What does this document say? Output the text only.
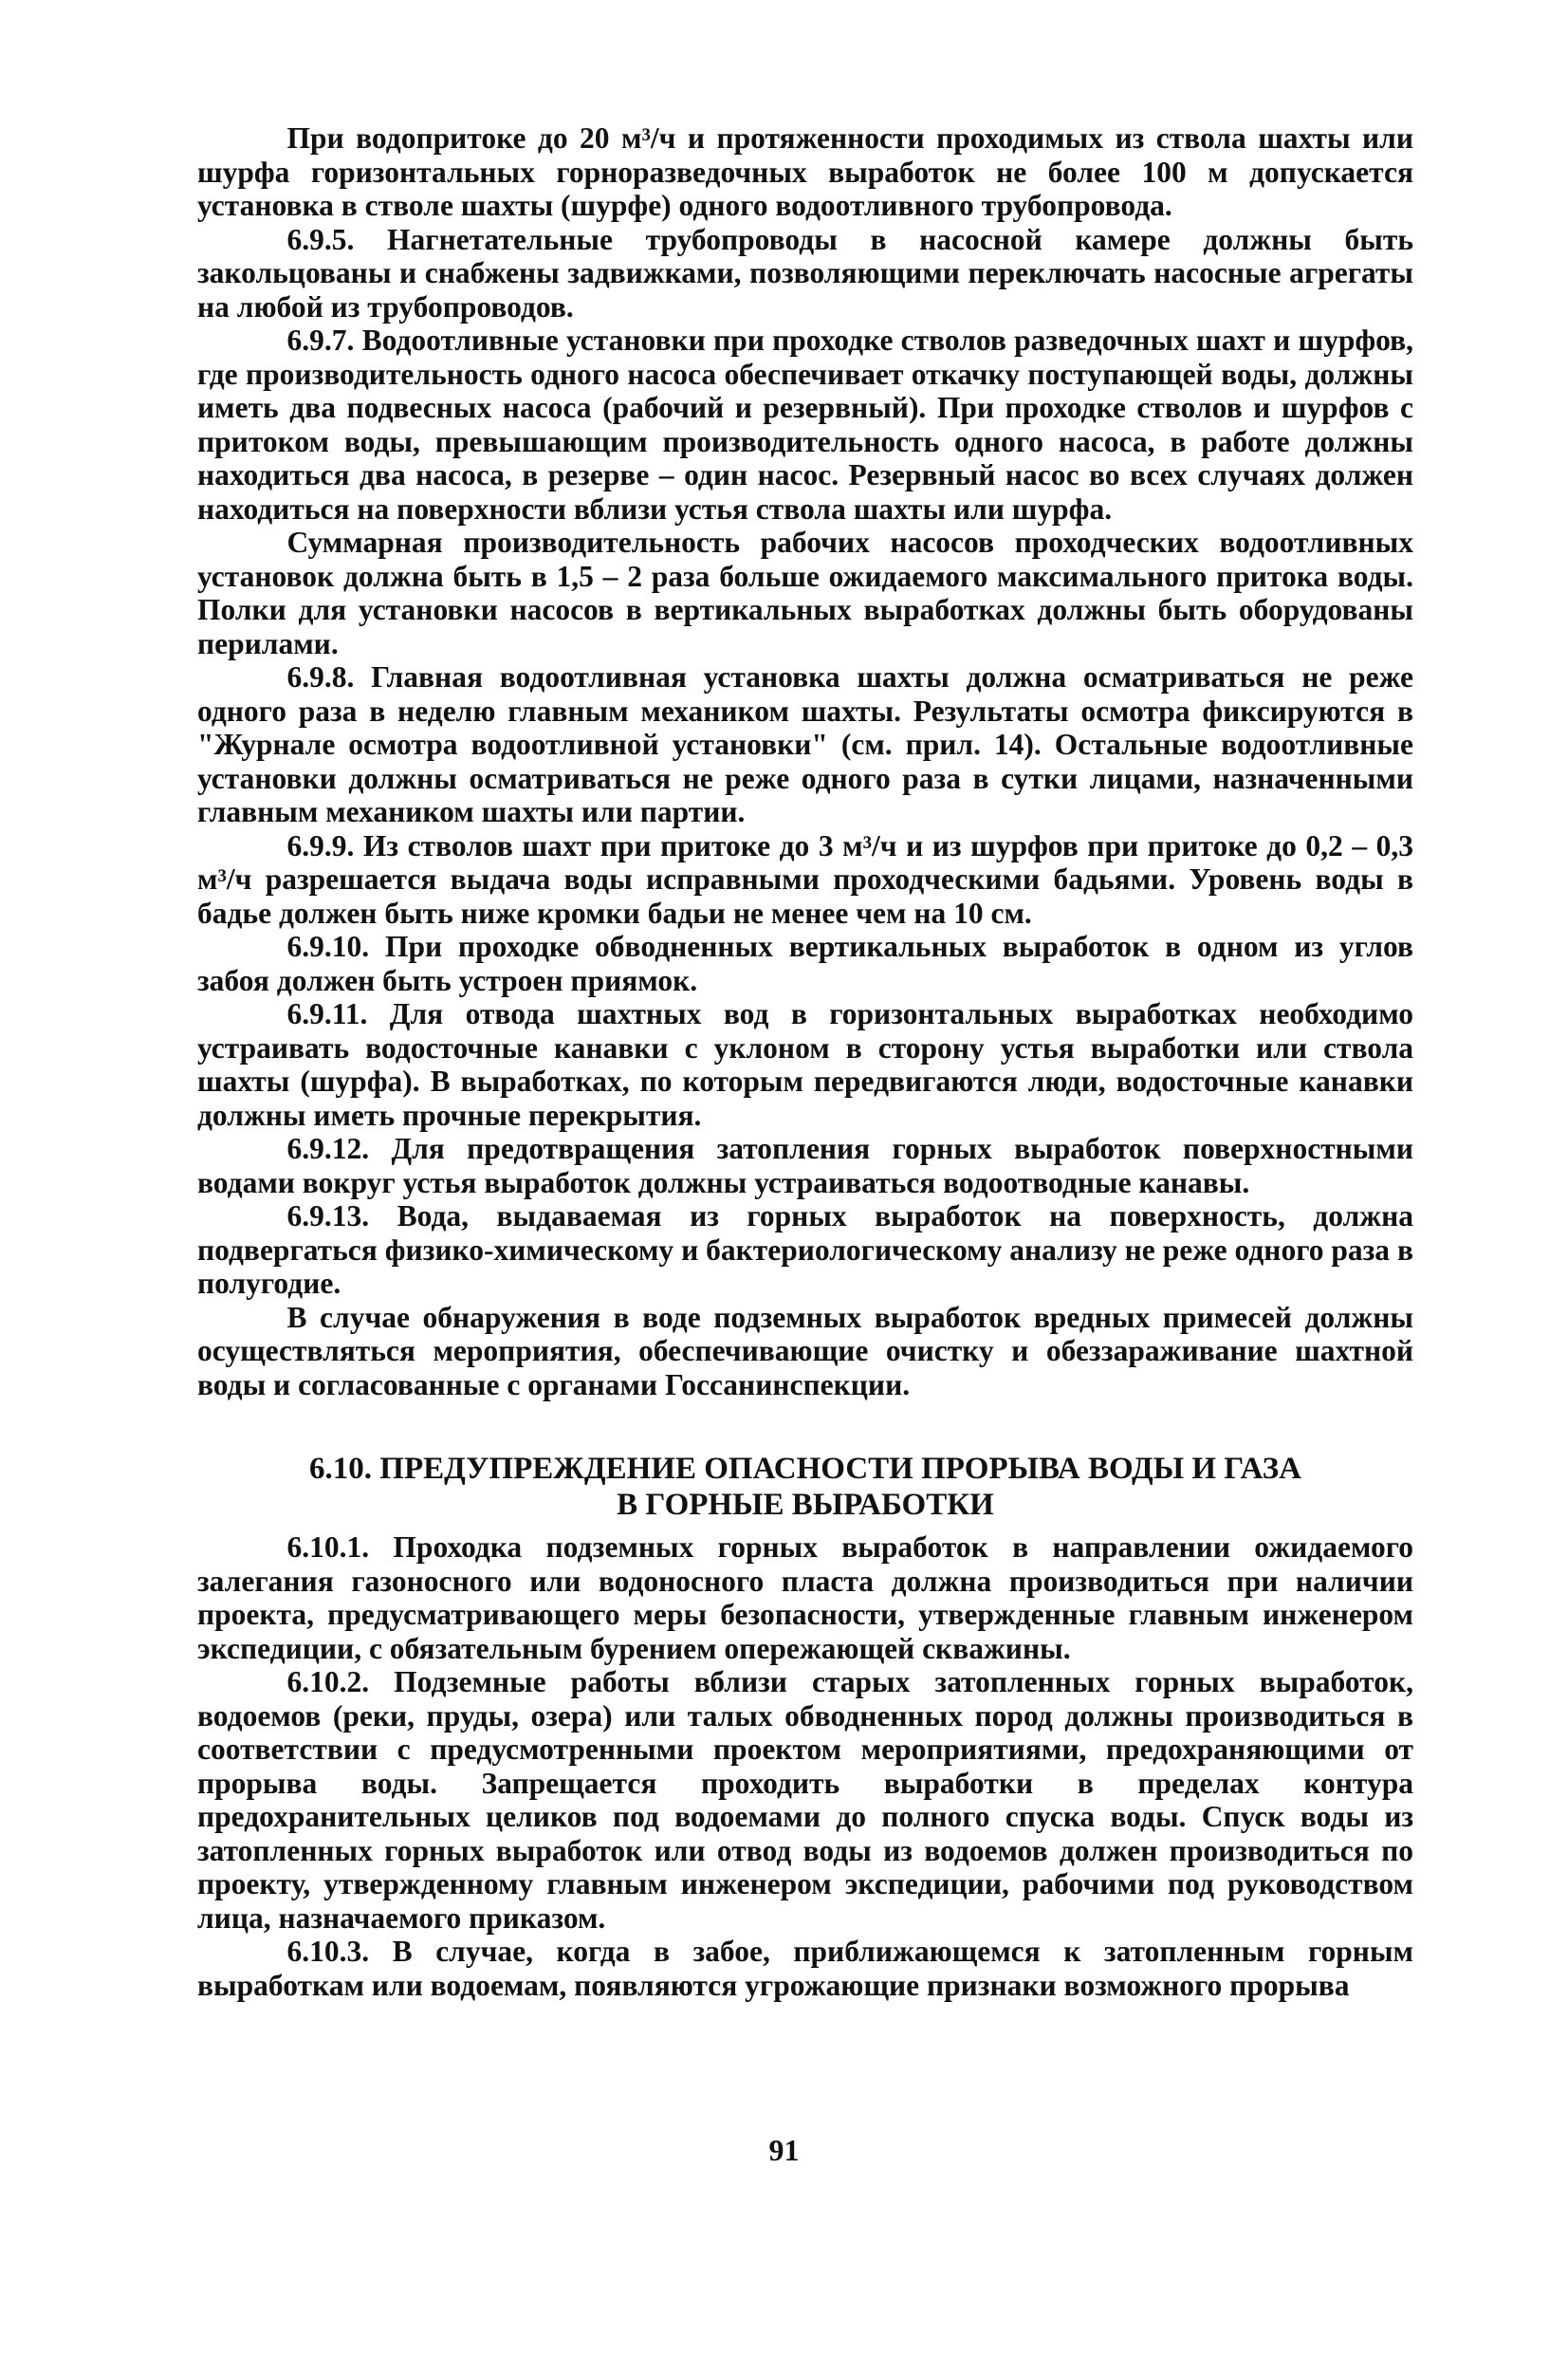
При водопритоке до 20 м³/ч и протяженности проходимых из ствола шахты или шурфа горизонтальных горноразведочных выработок не более 100 м допускается установка в стволе шахты (шурфе) одного водоотливного трубопровода.

6.9.5. Нагнетательные трубопроводы в насосной камере должны быть закольцованы и снабжены задвижками, позволяющими переключать насосные агрегаты на любой из трубопроводов.

6.9.7. Водоотливные установки при проходке стволов разведочных шахт и шурфов, где производительность одного насоса обеспечивает откачку поступающей воды, должны иметь два подвесных насоса (рабочий и резервный). При проходке стволов и шурфов с притоком воды, превышающим производительность одного насоса, в работе должны находиться два насоса, в резерве – один насос. Резервный насос во всех случаях должен находиться на поверхности вблизи устья ствола шахты или шурфа.

Суммарная производительность рабочих насосов проходческих водоотливных установок должна быть в 1,5 – 2 раза больше ожидаемого максимального притока воды. Полки для установки насосов в вертикальных выработках должны быть оборудованы перилами.

6.9.8. Главная водоотливная установка шахты должна осматриваться не реже одного раза в неделю главным механиком шахты. Результаты осмотра фиксируются в "Журнале осмотра водоотливной установки" (см. прил. 14). Остальные водоотливные установки должны осматриваться не реже одного раза в сутки лицами, назначенными главным механиком шахты или партии.

6.9.9. Из стволов шахт при притоке до 3 м³/ч и из шурфов при притоке до 0,2 – 0,3 м³/ч разрешается выдача воды исправными проходческими бадьями. Уровень воды в бадье должен быть ниже кромки бадьи не менее чем на 10 см.

6.9.10. При проходке обводненных вертикальных выработок в одном из углов забоя должен быть устроен приямок.

6.9.11. Для отвода шахтных вод в горизонтальных выработках необходимо устраивать водосточные канавки с уклоном в сторону устья выработки или ствола шахты (шурфа). В выработках, по которым передвигаются люди, водосточные канавки должны иметь прочные перекрытия.

6.9.12. Для предотвращения затопления горных выработок поверхностными водами вокруг устья выработок должны устраиваться водоотводные канавы.

6.9.13. Вода, выдаваемая из горных выработок на поверхность, должна подвергаться физико-химическому и бактериологическому анализу не реже одного раза в полугодие.

В случае обнаружения в воде подземных выработок вредных примесей должны осуществляться мероприятия, обеспечивающие очистку и обеззараживание шахтной воды и согласованные с органами Госсанинспекции.

6.10. ПРЕДУПРЕЖДЕНИЕ ОПАСНОСТИ ПРОРЫВА ВОДЫ И ГАЗА
В ГОРНЫЕ ВЫРАБОТКИ

6.10.1. Проходка подземных горных выработок в направлении ожидаемого залегания газоносного или водоносного пласта должна производиться при наличии проекта, предусматривающего меры безопасности, утвержденные главным инженером экспедиции, с обязательным бурением опережающей скважины.

6.10.2. Подземные работы вблизи старых затопленных горных выработок, водоемов (реки, пруды, озера) или талых обводненных пород должны производиться в соответствии с предусмотренными проектом мероприятиями, предохраняющими от прорыва воды. Запрещается проходить выработки в пределах контура предохранительных целиков под водоемами до полного спуска воды. Спуск воды из затопленных горных выработок или отвод воды из водоемов должен производиться по проекту, утвержденному главным инженером экспедиции, рабочими под руководством лица, назначаемого приказом.

6.10.3. В случае, когда в забое, приближающемся к затопленным горным выработкам или водоемам, появляются угрожающие признаки возможного прорыва

91
